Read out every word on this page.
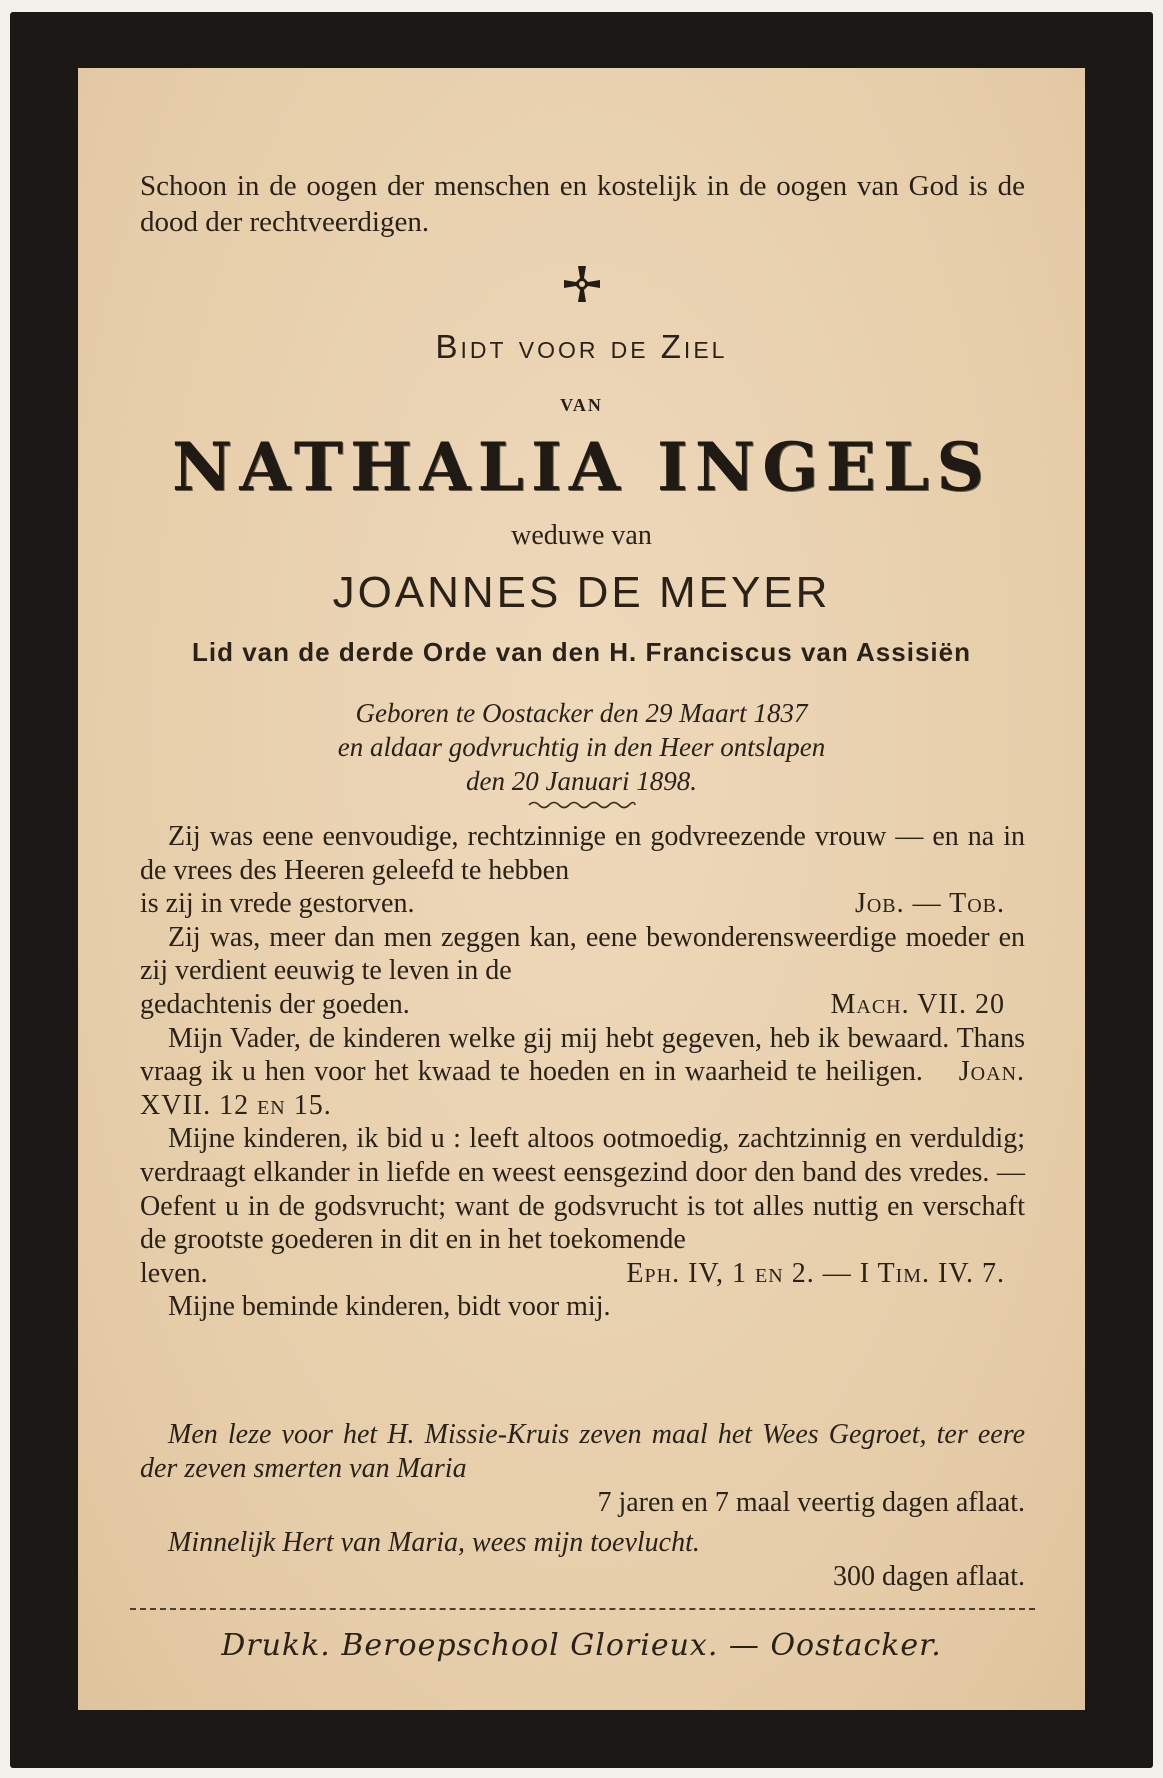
Schoon in de oogen der menschen en kostelijk in de oogen van God is de dood der rechtveerdigen.
Bidt voor de Ziel
VAN
NATHALIA INGELS
weduwe van
JOANNES DE MEYER
Lid van de derde Orde van den H. Franciscus van Assisiën
Geboren te Oostacker den 29 Maart 1837
en aldaar godvruchtig in den Heer ontslapen
den 20 Januari 1898.

Zij was eene eenvoudige, rechtzinnige en godvreezende vrouw — en na in de vrees des Heeren geleefd te hebben

is zij in vrede gestorven.	Job. — Tob.

Zij was, meer dan men zeggen kan, eene bewonderensweerdige moeder en zij verdient eeuwig te leven in de

gedachtenis der goeden.	Mach. VII. 20

Mijn Vader, de kinderen welke gij mij hebt gegeven, heb ik bewaard. Thans vraag ik u hen voor het kwaad te hoeden en in waarheid te heiligen. Joan. XVII. 12 en 15.

Mijne kinderen, ik bid u : leeft altoos ootmoedig, zachtzinnig en verduldig; verdraagt elkander in liefde en weest eensgezind door den band des vredes. — Oefent u in de godsvrucht; want de godsvrucht is tot alles nuttig en verschaft de grootste goederen in dit en in het toekomende

leven.	Eph. IV, 1 en 2. — I Tim. IV. 7.

Mijne beminde kinderen, bidt voor mij.

Men leze voor het H. Missie-Kruis zeven maal het Wees Gegroet, ter eere der zeven smerten van Maria

7 jaren en 7 maal veertig dagen aflaat.

Minnelijk Hert van Maria, wees mijn toevlucht.

300 dagen aflaat.
Drukk. Beroepschool Glorieux. — Oostacker.
